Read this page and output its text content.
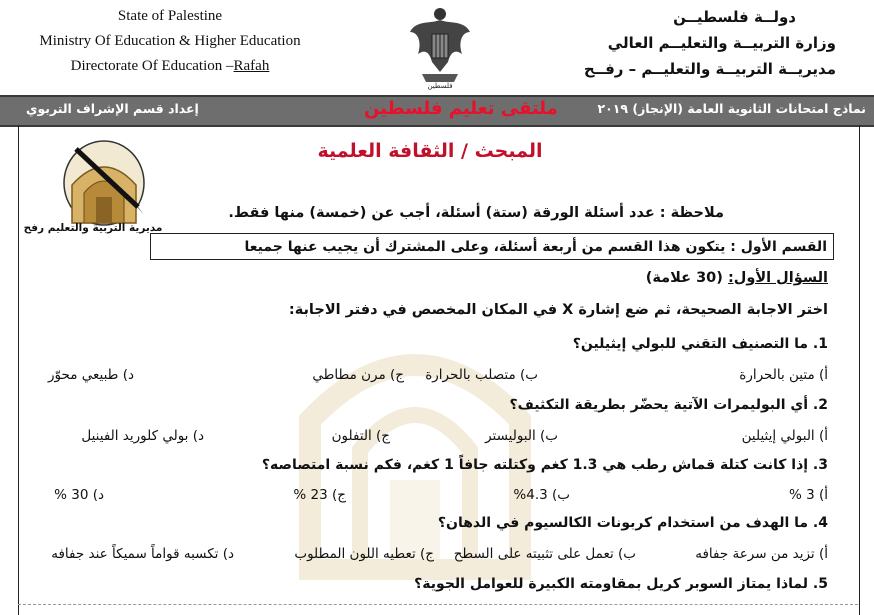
State of Palestine
Ministry Of Education & Higher Education
Directorate Of Education –Rafah
فلسطين
دولــة فلسطيــن
وزارة التربيــة والتعليــم العالي
مديريــة التربيــة والتعليــم – رفــح
نماذج امتحانات الثانوية العامة (الإنجاز) ٢٠١٩
ملتقى تعليم فلسطين
إعداد قسم الإشراف التربوي
مديرية التربية والتعليم رفح
المبحث / الثقافة العلمية
ملاحظة : عدد أسئلة الورقة (ستة) أسئلة، أجب عن (خمسة) منها فقط.
القسم الأول : يتكون هذا القسم من أربعة أسئلة، وعلى المشترك أن يجيب عنها جميعا
السؤال الأول: (30 علامة)
اختر الاجابة الصحيحة، ثم ضع إشارة X في المكان المخصص في دفتر الاجابة:
1. ما التصنيف التقني للبولي إيثيلين؟
أ) متين بالحرارة
ب) متصلب بالحرارة
ج) مرن مطاطي
د) طبيعي محوّر
2. أي البوليمرات الآتية يحضّر بطريقة التكثيف؟
أ) البولي إيثيلين
ب) البوليستر
ج) التفلون
د) بولي كلوريد الفينيل
3. إذا كانت كتلة قماش رطب هي 1.3 كغم وكتلته جافاً 1 كغم، فكم نسبة امتصاصه؟
أ) 3 %
ب) 4.3%
ج) 23 %
د) 30 %
4. ما الهدف من استخدام كربونات الكالسيوم في الدهان؟
أ) تزيد من سرعة جفافه
ب) تعمل على تثبيته على السطح
ج) تعطيه اللون المطلوب
د) تكسبه قواماً سميكاً عند جفافه
5. لماذا يمتاز السوبر كريل بمقاومته الكبيرة للعوامل الجوية؟
